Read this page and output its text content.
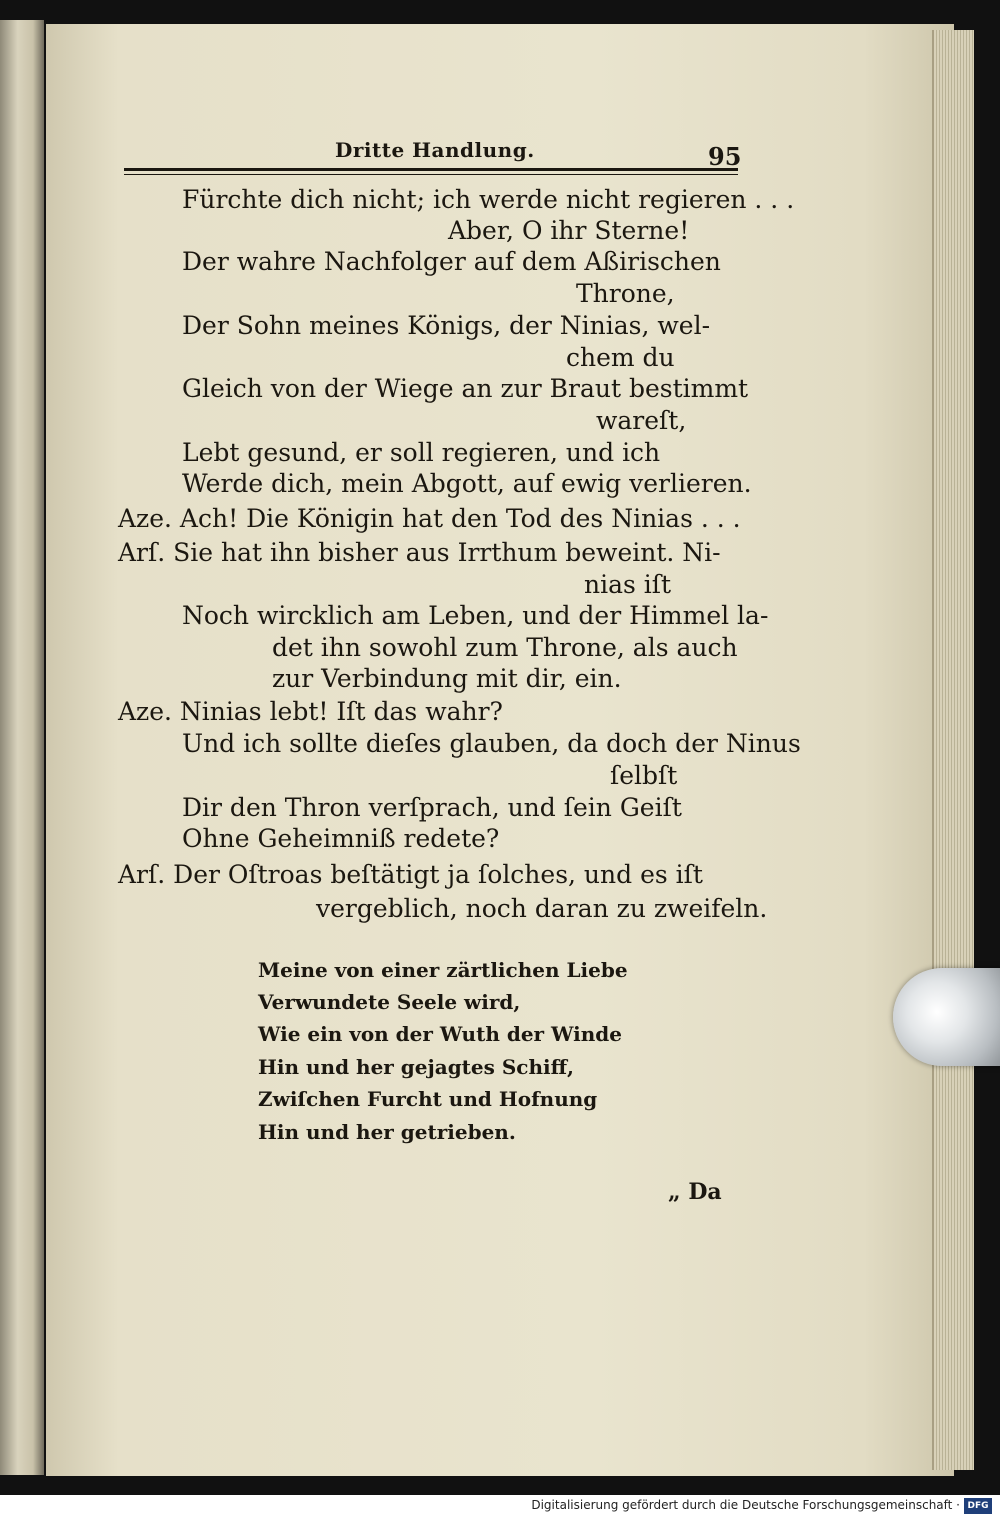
Dritte Handlung.	95
Fürchte dich nicht; ich werde nicht regieren . . .
Aber, O ihr Sterne!
Der wahre Nachfolger auf dem Aßirischen
Throne,
Der Sohn meines Königs, der Ninias, wel-
chem du
Gleich von der Wiege an zur Braut bestimmt
wareſt,
Lebt gesund, er soll regieren, und ich
Werde dich, mein Abgott, auf ewig verlieren.
Aze. Ach! Die Königin hat den Tod des Ninias . . .
Arſ. Sie hat ihn bisher aus Irrthum beweint. Ni-
nias iſt
Noch wircklich am Leben, und der Himmel la-
det ihn sowohl zum Throne, als auch
zur Verbindung mit dir, ein.
Aze. Ninias lebt! Iſt das wahr?
Und ich sollte dieſes glauben, da doch der Ninus
ſelbſt
Dir den Thron verſprach, und ſein Geiſt
Ohne Geheimniß redete?
Arſ. Der Oſtroas beſtätigt ja ſolches, und es iſt
vergeblich, noch daran zu zweifeln.
Meine von einer zärtlichen Liebe
Verwundete Seele wird,
Wie ein von der Wuth der Winde
Hin und her gejagtes Schiff,
Zwiſchen Furcht und Hofnung
Hin und her getrieben.
„ Da
Digitalisierung gefördert durch die Deutsche Forschungsgemeinschaft · DFG
